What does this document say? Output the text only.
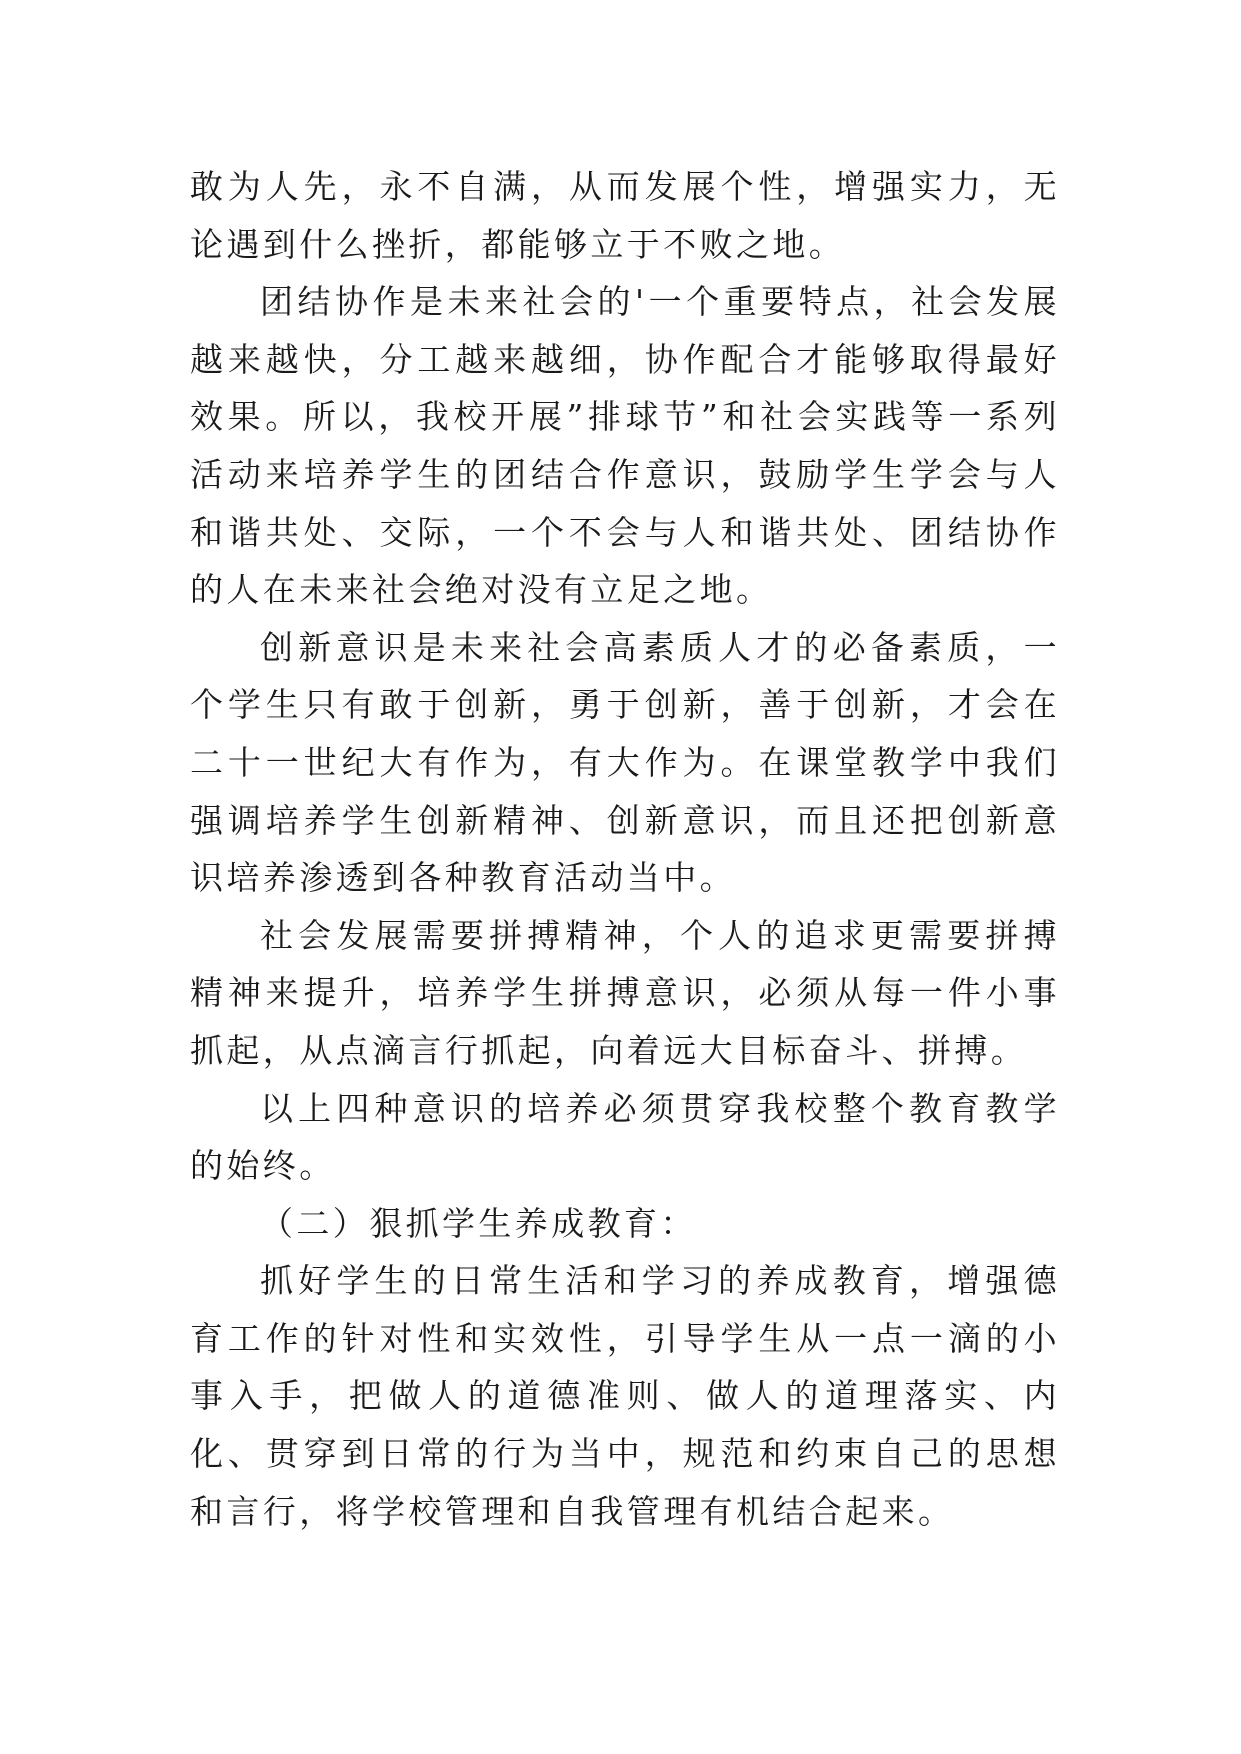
敢为人先，永不自满，从而发展个性，增强实力，无论遇到什么挫折，都能够立于不败之地。

团结协作是未来社会的'一个重要特点，社会发展越来越快，分工越来越细，协作配合才能够取得最好效果。所以，我校开展”排球节”和社会实践等一系列活动来培养学生的团结合作意识，鼓励学生学会与人和谐共处、交际，一个不会与人和谐共处、团结协作的人在未来社会绝对没有立足之地。

创新意识是未来社会高素质人才的必备素质，一个学生只有敢于创新，勇于创新，善于创新，才会在二十一世纪大有作为，有大作为。在课堂教学中我们强调培养学生创新精神、创新意识，而且还把创新意识培养渗透到各种教育活动当中。

社会发展需要拼搏精神，个人的追求更需要拼搏精神来提升，培养学生拼搏意识，必须从每一件小事抓起，从点滴言行抓起，向着远大目标奋斗、拼搏。

以上四种意识的培养必须贯穿我校整个教育教学的始终。

（二）狠抓学生养成教育：

抓好学生的日常生活和学习的养成教育，增强德育工作的针对性和实效性，引导学生从一点一滴的小事入手，把做人的道德准则、做人的道理落实、内化、贯穿到日常的行为当中，规范和约束自己的思想和言行，将学校管理和自我管理有机结合起来。
